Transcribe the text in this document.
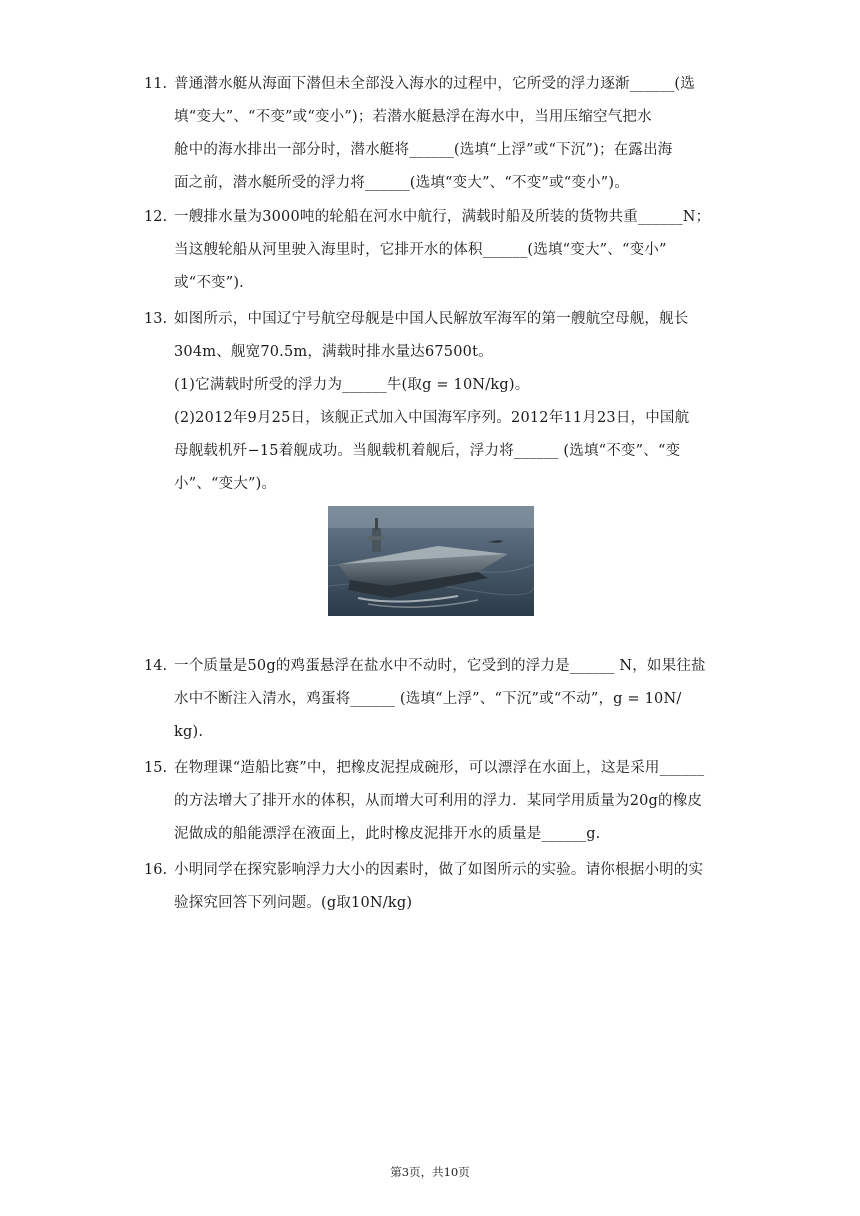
11. 普通潜水艇从海面下潜但未全部没入海水的过程中，它所受的浮力逐渐______(选

填“变大”、“不变”或“变小”)；若潜水艇悬浮在海水中，当用压缩空气把水

舱中的海水排出一部分时，潜水艇将______(选填“上浮”或“下沉”)；在露出海

面之前，潜水艇所受的浮力将______(选填“变大”、“不变”或“变小”)。

12. 一艘排水量为3000吨的轮船在河水中航行，满载时船及所装的货物共重______N；

当这艘轮船从河里驶入海里时，它排开水的体积______(选填“变大”、“变小”

或“不变”).

13. 如图所示，中国辽宁号航空母舰是中国人民解放军海军的第一艘航空母舰，舰长

304m、舰宽70.5m，满载时排水量达67500t。

(1)它满载时所受的浮力为______牛(取g = 10N/kg)。

(2)2012年9月25日，该舰正式加入中国海军序列。2012年11月23日，中国航

母舰载机歼−15着舰成功。当舰载机着舰后，浮力将______ (选填“不变”、“变

小”、“变大”)。

14. 一个质量是50g的鸡蛋悬浮在盐水中不动时，它受到的浮力是______ N，如果往盐

水中不断注入清水，鸡蛋将______ (选填“上浮”、“下沉”或“不动”，g = 10N/

kg).

15. 在物理课“造船比赛”中，把橡皮泥捏成碗形，可以漂浮在水面上，这是采用______

的方法增大了排开水的体积，从而增大可利用的浮力．某同学用质量为20g的橡皮

泥做成的船能漂浮在液面上，此时橡皮泥排开水的质量是______g.

16. 小明同学在探究影响浮力大小的因素时，做了如图所示的实验。请你根据小明的实

验探究回答下列问题。(g取10N/kg)

第3页，共10页
